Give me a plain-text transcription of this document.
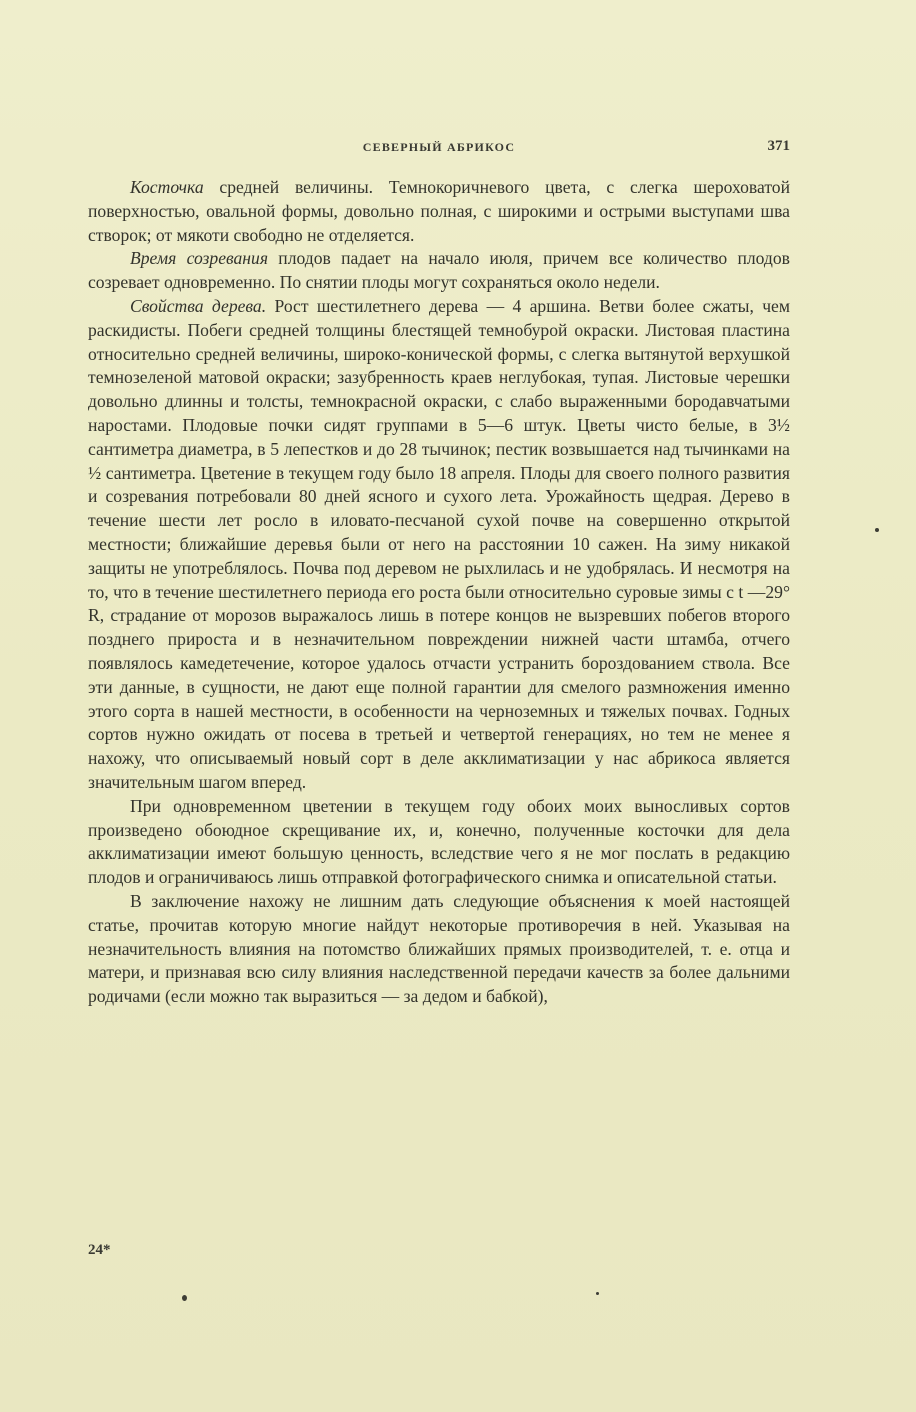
СЕВЕРНЫЙ АБРИКОС	371

Косточка средней величины. Темнокоричневого цвета, с слегка шероховатой поверхностью, овальной формы, довольно полная, с широкими и острыми выступами шва створок; от мякоти свободно не отделяется.

Время созревания плодов падает на начало июля, причем все количество плодов созревает одновременно. По снятии плоды могут сохраняться около недели.

Свойства дерева. Рост шестилетнего дерева — 4 аршина. Ветви более сжаты, чем раскидисты. Побеги средней толщины блестящей темнобурой окраски. Листовая пластина относительно средней величины, широко-конической формы, с слегка вытянутой верхушкой темнозеленой матовой окраски; зазубренность краев неглубокая, тупая. Листовые черешки довольно длинны и толсты, темнокрасной окраски, с слабо выраженными бородавчатыми наростами. Плодовые почки сидят группами в 5—6 штук. Цветы чисто белые, в 3½ сантиметра диаметра, в 5 лепестков и до 28 тычинок; пестик возвышается над тычинками на ½ сантиметра. Цветение в текущем году было 18 апреля. Плоды для своего полного развития и созревания потребовали 80 дней ясного и сухого лета. Урожайность щедрая. Дерево в течение шести лет росло в иловато-песчаной сухой почве на совершенно открытой местности; ближайшие деревья были от него на расстоянии 10 сажен. На зиму никакой защиты не употреблялось. Почва под деревом не рыхлилась и не удобрялась. И несмотря на то, что в течение шестилетнего периода его роста были относительно суровые зимы с t —29° R, страдание от морозов выражалось лишь в потере концов не вызревших побегов второго позднего прироста и в незначительном повреждении нижней части штамба, отчего появлялось камедетечение, которое удалось отчасти устранить бороздованием ствола. Все эти данные, в сущности, не дают еще полной гарантии для смелого размножения именно этого сорта в нашей местности, в особенности на черноземных и тяжелых почвах. Годных сортов нужно ожидать от посева в третьей и четвертой генерациях, но тем не менее я нахожу, что описываемый новый сорт в деле акклиматизации у нас абрикоса является значительным шагом вперед.

При одновременном цветении в текущем году обоих моих выносливых сортов произведено обоюдное скрещивание их, и, конечно, полученные косточки для дела акклиматизации имеют большую ценность, вследствие чего я не мог послать в редакцию плодов и ограничиваюсь лишь отправкой фотографического снимка и описательной статьи.

В заключение нахожу не лишним дать следующие объяснения к моей настоящей статье, прочитав которую многие найдут некоторые противоречия в ней. Указывая на незначительность влияния на потомство ближайших прямых производителей, т. е. отца и матери, и признавая всю силу влияния наследственной передачи качеств за более дальними родичами (если можно так выразиться — за дедом и бабкой),

24*
